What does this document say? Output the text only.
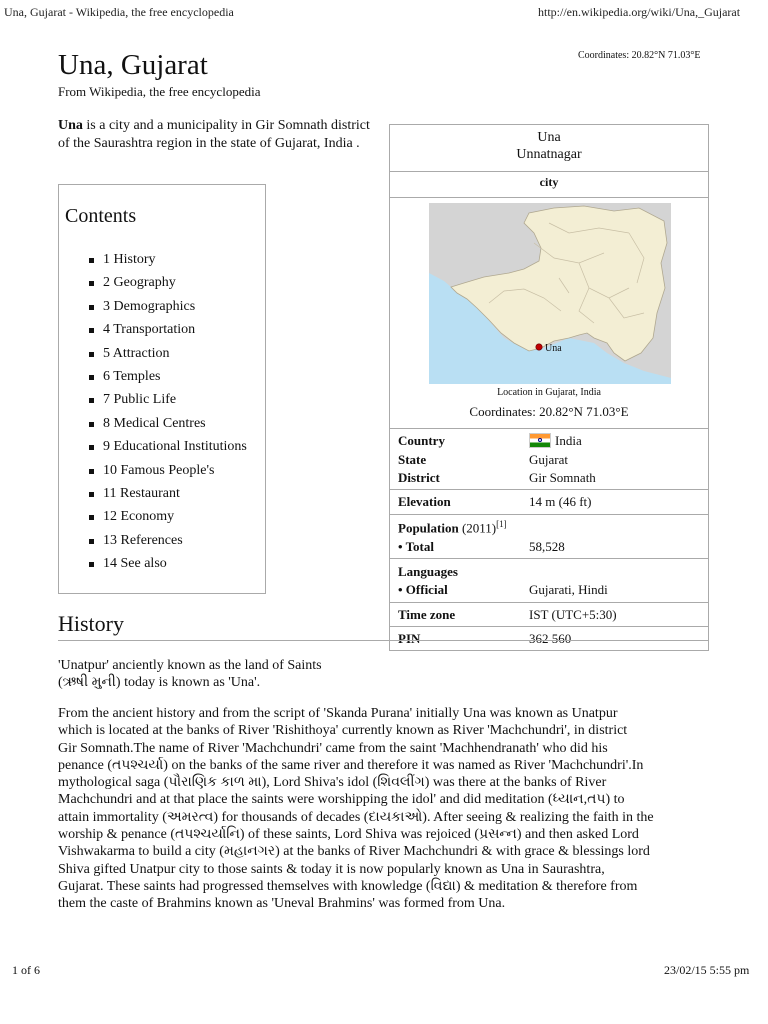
Una, Gujarat - Wikipedia, the free encyclopedia	http://en.wikipedia.org/wiki/Una,_Gujarat
Una, Gujarat
From Wikipedia, the free encyclopedia
Coordinates: 20.82°N 71.03°E
Una is a city and a municipality in Gir Somnath district of the Saurashtra region in the state of Gujarat, India .
Contents
1 History
2 Geography
3 Demographics
4 Transportation
5 Attraction
6 Temples
7 Public Life
8 Medical Centres
9 Educational Institutions
10 Famous People's
11 Restaurant
12 Economy
13 References
14 See also
Una
Unnatnagar
city
Una
Location in Gujarat, India
Coordinates: 20.82°N 71.03°E
Country	India
State	Gujarat
District	Gir Somnath
Elevation	14 m (46 ft)
Population (2011)[1]
• Total	58,528
Languages
• Official	Gujarati, Hindi
Time zone	IST (UTC+5:30)
PIN	362 560
History
'Unatpur' anciently known as the land of Saints
(ઋષી મુની) today is known as 'Una'.
From the ancient history and from the script of 'Skanda Purana' initially Una was known as Unatpur
which is located at the banks of River 'Rishithoya' currently known as River 'Machchundri', in district
Gir Somnath.The name of River 'Machchundri' came from the saint 'Machhendranath' who did his
penance (તપશ્ચર્યા) on the banks of the same river and therefore it was named as River 'Machchundri'.In
mythological saga (પૌરાણિક કાળ મા), Lord Shiva's idol (શિવલીંગ) was there at the banks of River
Machchundri and at that place the saints were worshipping the idol' and did meditation (ધ્યાન,તપ) to
attain immortality (અમરત્વ) for thousands of decades (દાયકાઓ). After seeing & realizing the faith in the
worship & penance (તપશ્ચર્યાનિ) of these saints, Lord Shiva was rejoiced (પ્રસન્ન) and then asked Lord
Vishwakarma to build a city (મહાનગર) at the banks of River Machchundri & with grace & blessings lord
Shiva gifted Unatpur city to those saints & today it is now popularly known as Una in Saurashtra,
Gujarat. These saints had progressed themselves with knowledge (વિદ્યા) & meditation & therefore from
them the caste of Brahmins known as 'Uneval Brahmins' was formed from Una.
1 of 6	23/02/15 5:55 pm
